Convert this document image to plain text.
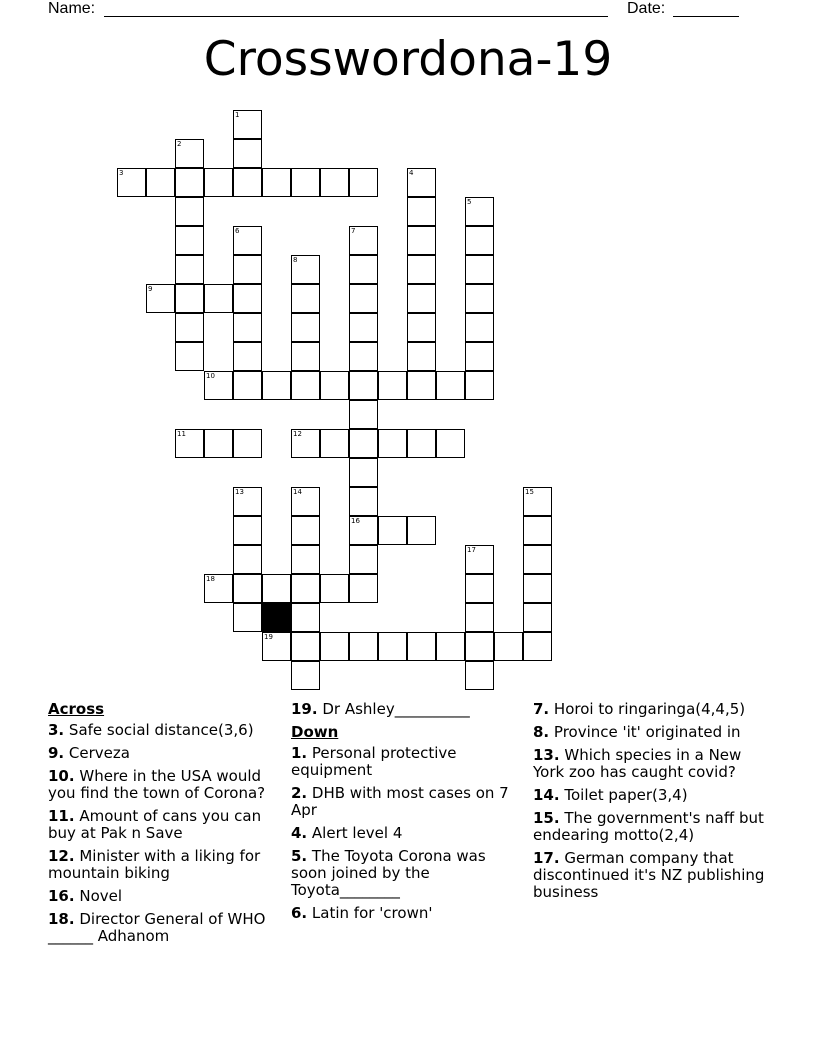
Name:	Date:
Crosswordona-19
1
2
3	4
5
6	7
8
9
10
11	12
13	14	15
16
17
18
19
Across
3. Safe social distance(3,6)
9. Cerveza
10. Where in the USA would you find the town of Corona?
11. Amount of cans you can buy at Pak n Save
12. Minister with a liking for mountain biking
16. Novel
18. Director General of WHO ______ Adhanom
19. Dr Ashley__________
Down
1. Personal protective equipment
2. DHB with most cases on 7 Apr
4. Alert level 4
5. The Toyota Corona was soon joined by the Toyota________
6. Latin for 'crown'
7. Horoi to ringaringa(4,4,5)
8. Province 'it' originated in
13. Which species in a New York zoo has caught covid?
14. Toilet paper(3,4)
15. The government's naff but endearing motto(2,4)
17. German company that discontinued it's NZ publishing business
